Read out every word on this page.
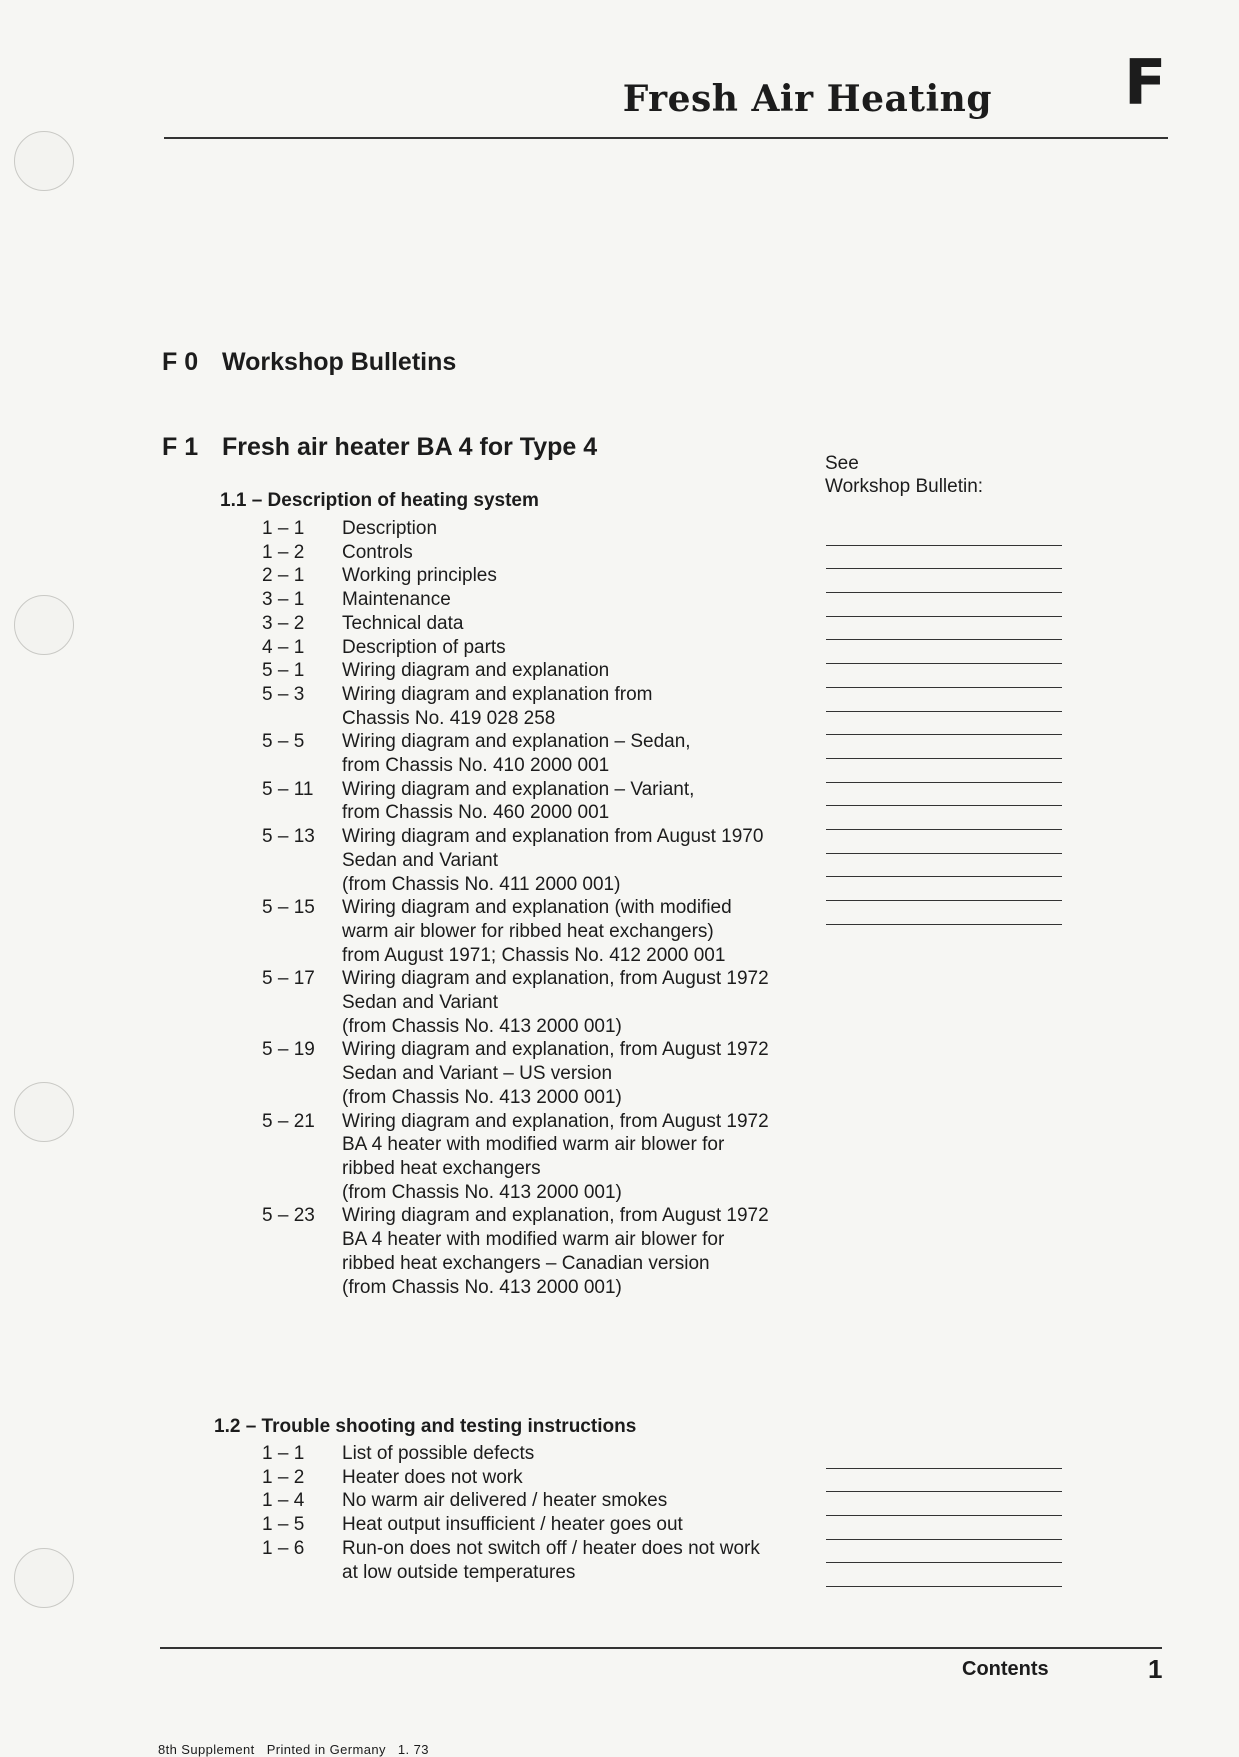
Fresh Air Heating F
F 0 Workshop Bulletins
F 1 Fresh air heater BA 4 for Type 4
See
Workshop Bulletin:
1.1 – Description of heating system
1 – 1	Description
1 – 2	Controls
2 – 1	Working principles
3 – 1	Maintenance
3 – 2	Technical data
4 – 1	Description of parts
5 – 1	Wiring diagram and explanation
5 – 3	Wiring diagram and explanation from
Chassis No. 419 028 258
5 – 5	Wiring diagram and explanation – Sedan,
from Chassis No. 410 2000 001
5 – 11	Wiring diagram and explanation – Variant,
from Chassis No. 460 2000 001
5 – 13	Wiring diagram and explanation from August 1970
Sedan and Variant
(from Chassis No. 411 2000 001)
5 – 15	Wiring diagram and explanation (with modified
warm air blower for ribbed heat exchangers)
from August 1971; Chassis No. 412 2000 001
5 – 17	Wiring diagram and explanation, from August 1972
Sedan and Variant
(from Chassis No. 413 2000 001)
5 – 19	Wiring diagram and explanation, from August 1972
Sedan and Variant – US version
(from Chassis No. 413 2000 001)
5 – 21	Wiring diagram and explanation, from August 1972
BA 4 heater with modified warm air blower for
ribbed heat exchangers
(from Chassis No. 413 2000 001)
5 – 23	Wiring diagram and explanation, from August 1972
BA 4 heater with modified warm air blower for
ribbed heat exchangers – Canadian version
(from Chassis No. 413 2000 001)
1.2 – Trouble shooting and testing instructions
1 – 1	List of possible defects
1 – 2	Heater does not work
1 – 4	No warm air delivered / heater smokes
1 – 5	Heat output insufficient / heater goes out
1 – 6	Run-on does not switch off / heater does not work
at low outside temperatures
Contents	1
8th Supplement   Printed in Germany   1. 73
